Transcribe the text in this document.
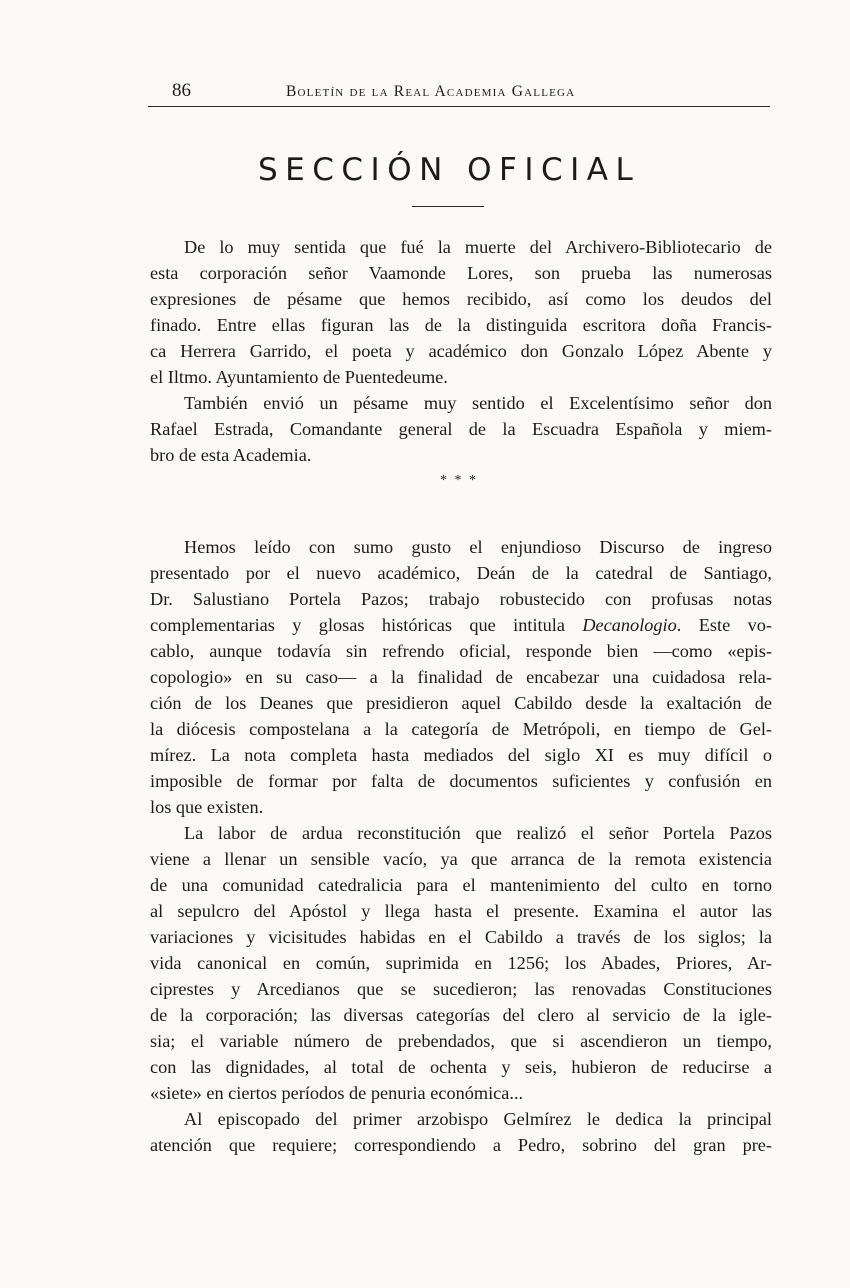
86	Boletín de la Real Academia Gallega
SECCIÓN OFICIAL
De lo muy sentida que fué la muerte del Archivero-Bibliotecario de
esta corporación señor Vaamonde Lores, son prueba las numerosas
expresiones de pésame que hemos recibido, así como los deudos del
finado. Entre ellas figuran las de la distinguida escritora doña Francis-
ca Herrera Garrido, el poeta y académico don Gonzalo López Abente y
el Iltmo. Ayuntamiento de Puentedeume.
También envió un pésame muy sentido el Excelentísimo señor don
Rafael Estrada, Comandante general de la Escuadra Española y miem-
bro de esta Academia.
* * *
Hemos leído con sumo gusto el enjundioso Discurso de ingreso
presentado por el nuevo académico, Deán de la catedral de Santiago,
Dr. Salustiano Portela Pazos; trabajo robustecido con profusas notas
complementarias y glosas históricas que intitula Decanologio. Este vo-
cablo, aunque todavía sin refrendo oficial, responde bien —como «epis-
copologio» en su caso— a la finalidad de encabezar una cuidadosa rela-
ción de los Deanes que presidieron aquel Cabildo desde la exaltación de
la diócesis compostelana a la categoría de Metrópoli, en tiempo de Gel-
mírez. La nota completa hasta mediados del siglo XI es muy difícil o
imposible de formar por falta de documentos suficientes y confusión en
los que existen.
La labor de ardua reconstitución que realizó el señor Portela Pazos
viene a llenar un sensible vacío, ya que arranca de la remota existencia
de una comunidad catedralicia para el mantenimiento del culto en torno
al sepulcro del Apóstol y llega hasta el presente. Examina el autor las
variaciones y vicisitudes habidas en el Cabildo a través de los siglos; la
vida canonical en común, suprimida en 1256; los Abades, Priores, Ar-
ciprestes y Arcedianos que se sucedieron; las renovadas Constituciones
de la corporación; las diversas categorías del clero al servicio de la igle-
sia; el variable número de prebendados, que si ascendieron un tiempo,
con las dignidades, al total de ochenta y seis, hubieron de reducirse a
«siete» en ciertos períodos de penuria económica...
Al episcopado del primer arzobispo Gelmírez le dedica la principal
atención que requiere; correspondiendo a Pedro, sobrino del gran pre-
